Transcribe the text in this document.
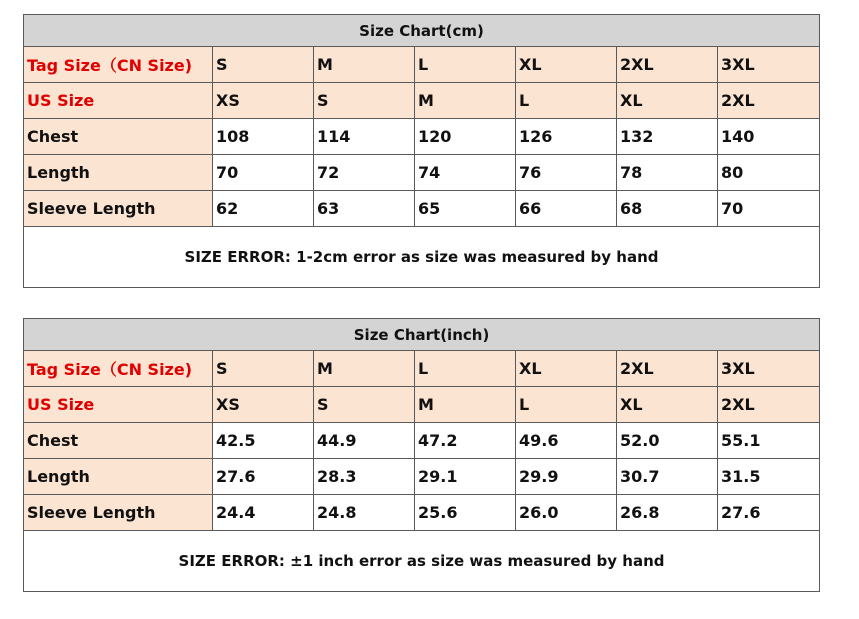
Size Chart(cm)						
Tag Size（CN Size)	S	M	L	XL	2XL	3XL
US Size	XS	S	M	L	XL	2XL
Chest	108	114	120	126	132	140
Length	70	72	74	76	78	80
Sleeve Length	62	63	65	66	68	70
SIZE ERROR: 1-2cm error as size was measured by hand						
Size Chart(inch)						
Tag Size（CN Size)	S	M	L	XL	2XL	3XL
US Size	XS	S	M	L	XL	2XL
Chest	42.5	44.9	47.2	49.6	52.0	55.1
Length	27.6	28.3	29.1	29.9	30.7	31.5
Sleeve Length	24.4	24.8	25.6	26.0	26.8	27.6
SIZE ERROR: ±1 inch error as size was measured by hand						
